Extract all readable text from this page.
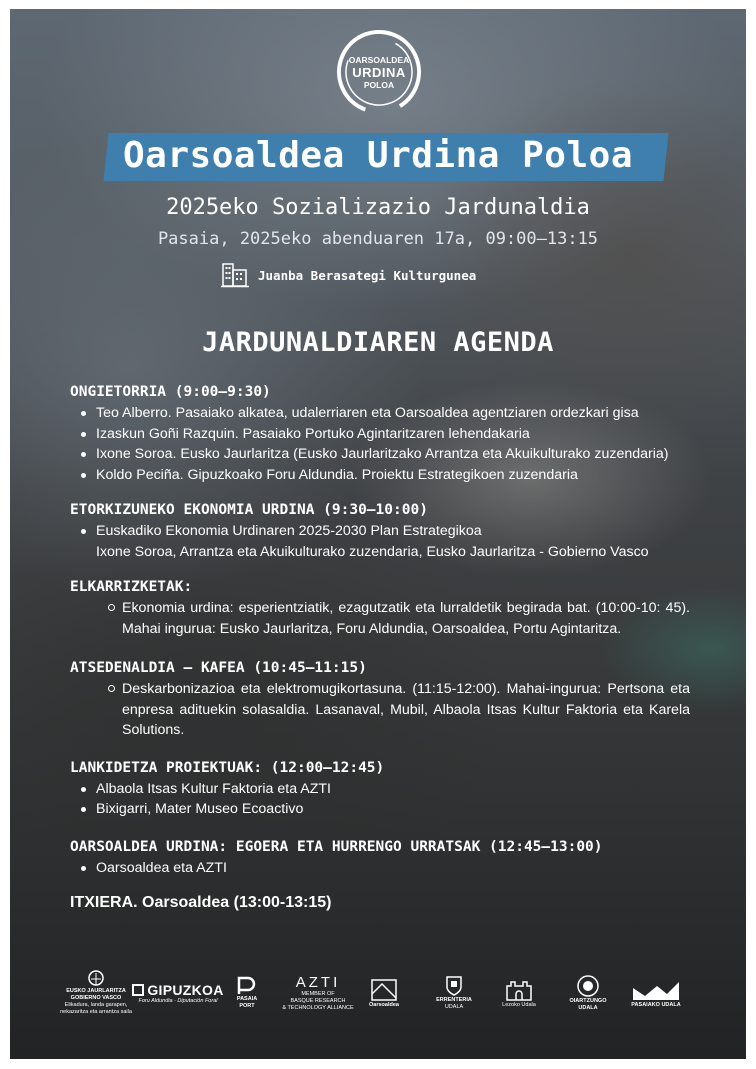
OARSOALDEA
URDINA
POLOA
Oarsoaldea Urdina Poloa
2025eko Sozializazio Jardunaldia
Pasaia, 2025eko abenduaren 17a, 09:00–13:15
Juanba Berasategi Kulturgunea
JARDUNALDIAREN AGENDA

ONGIETORRIA (9:00–9:30)

Teo Alberro. Pasaiako alkatea, udalerriaren eta Oarsoaldea agentziaren ordezkari gisa
Izaskun Goñi Razquin. Pasaiako Portuko Agintaritzaren lehendakaria
Ixone Soroa. Eusko Jaurlaritza (Eusko Jaurlaritzako Arrantza eta Akuikulturako zuzendaria)
Koldo Peciña. Gipuzkoako Foru Aldundia. Proiektu Estrategikoen zuzendaria

ETORKIZUNEKO EKONOMIA URDINA (9:30–10:00)

Euskadiko Ekonomia Urdinaren 2025-2030 Plan Estrategikoa
Ixone Soroa, Arrantza eta Akuikulturako zuzendaria, Eusko Jaurlaritza - Gobierno Vasco

ELKARRIZKETAK:

Ekonomia urdina: esperientziatik, ezagutzatik eta lurraldetik begirada bat. (10:00-10: 45). Mahai ingurua: Eusko Jaurlaritza, Foru Aldundia, Oarsoaldea, Portu Agintaritza.

ATSEDENALDIA – KAFEA (10:45–11:15)

Deskarbonizazioa eta elektromugikortasuna. (11:15-12:00). Mahai-ingurua: Pertsona eta enpresa adituekin solasaldia. Lasanaval, Mubil, Albaola Itsas Kultur Faktoria eta Karela Solutions.

LANKIDETZA PROIEKTUAK: (12:00–12:45)

Albaola Itsas Kultur Faktoria eta AZTI
Bixigarri, Mater Museo Ecoactivo

OARSOALDEA URDINA: EGOERA ETA HURRENGO URRATSAK (12:45–13:00)

Oarsoaldea eta AZTI

ITXIERA. Oarsoaldea (13:00-13:15)

EUSKO JAURLARITZA
GOBIERNO VASCO
Elikadura, landa garapen,
nekazaritza eta arrantza saila
GIPUZKOA
Foru Aldundia · Diputación Foral	PASAIA
PORT
AZTI
MEMBER OF
BASQUE RESEARCH
& TECHNOLOGY ALLIANCE
Oarsoaldea
ERRENTERIA
UDALA	Lezoko Udala
OIARTZUNGO
UDALA
PASAIAKO UDALA
